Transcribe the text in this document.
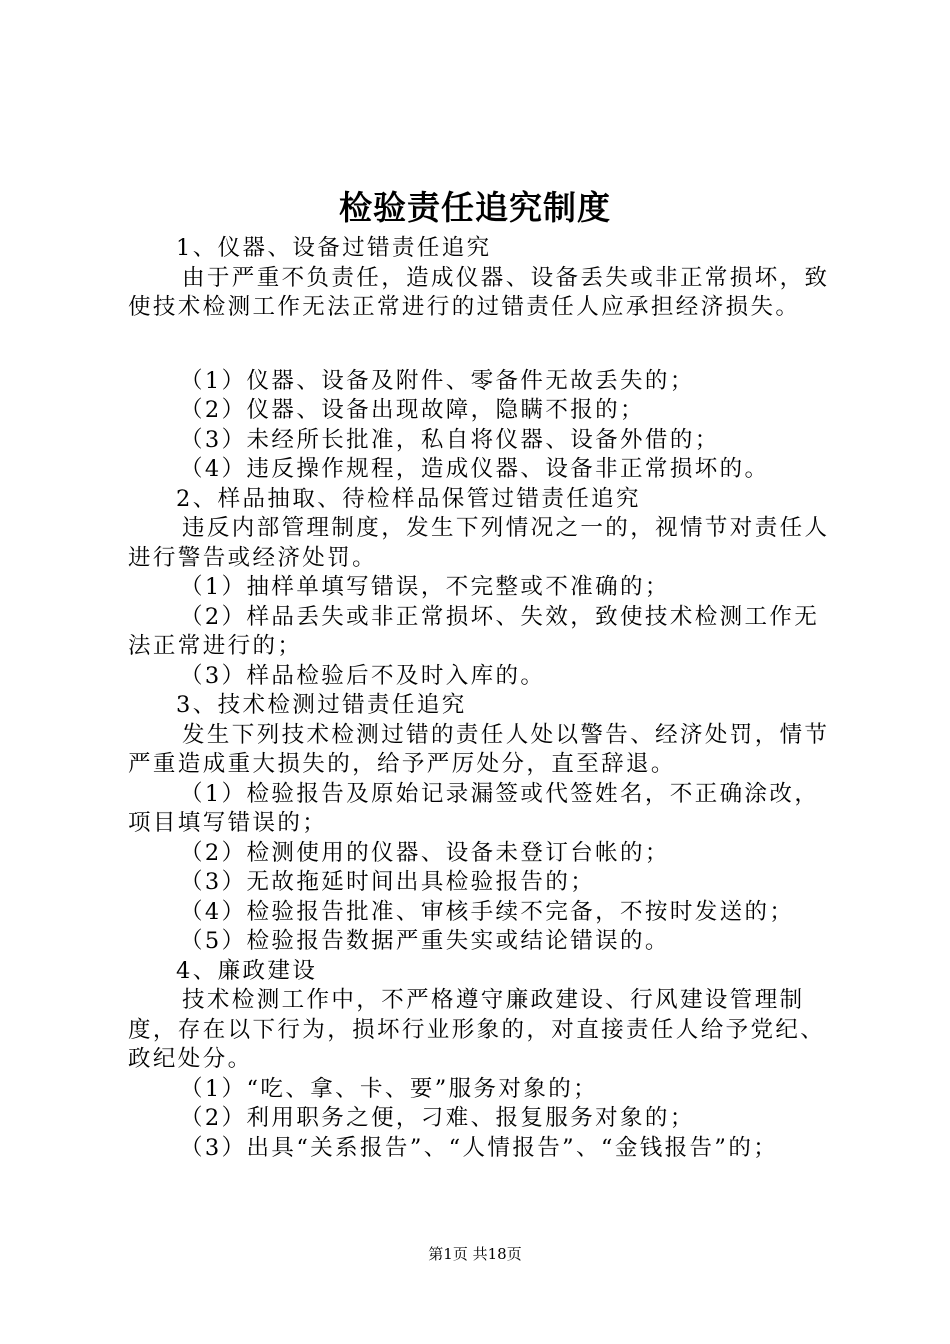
检验责任追究制度

1、仪器、设备过错责任追究

由于严重不负责任，造成仪器、设备丢失或非正常损坏，致使技术检测工作无法正常进行的过错责任人应承担经济损失。

（1）仪器、设备及附件、零备件无故丢失的；

（2）仪器、设备出现故障，隐瞒不报的；

（3）未经所长批准，私自将仪器、设备外借的；

（4）违反操作规程，造成仪器、设备非正常损坏的。

2、样品抽取、待检样品保管过错责任追究

违反内部管理制度，发生下列情况之一的，视情节对责任人进行警告或经济处罚。

（1）抽样单填写错误，不完整或不准确的；

（2）样品丢失或非正常损坏、失效，致使技术检测工作无法正常进行的；

（3）样品检验后不及时入库的。

3、技术检测过错责任追究

发生下列技术检测过错的责任人处以警告、经济处罚，情节严重造成重大损失的，给予严厉处分，直至辞退。

（1）检验报告及原始记录漏签或代签姓名，不正确涂改，项目填写错误的；

（2）检测使用的仪器、设备未登订台帐的；

（3）无故拖延时间出具检验报告的；

（4）检验报告批准、审核手续不完备，不按时发送的；

（5）检验报告数据严重失实或结论错误的。

4、廉政建设

技术检测工作中，不严格遵守廉政建设、行风建设管理制度，存在以下行为，损坏行业形象的，对直接责任人给予党纪、政纪处分。

（1）“吃、拿、卡、要”服务对象的；

（2）利用职务之便，刁难、报复服务对象的；

（3）出具“关系报告”、“人情报告”、“金钱报告”的；

第1页 共18页
